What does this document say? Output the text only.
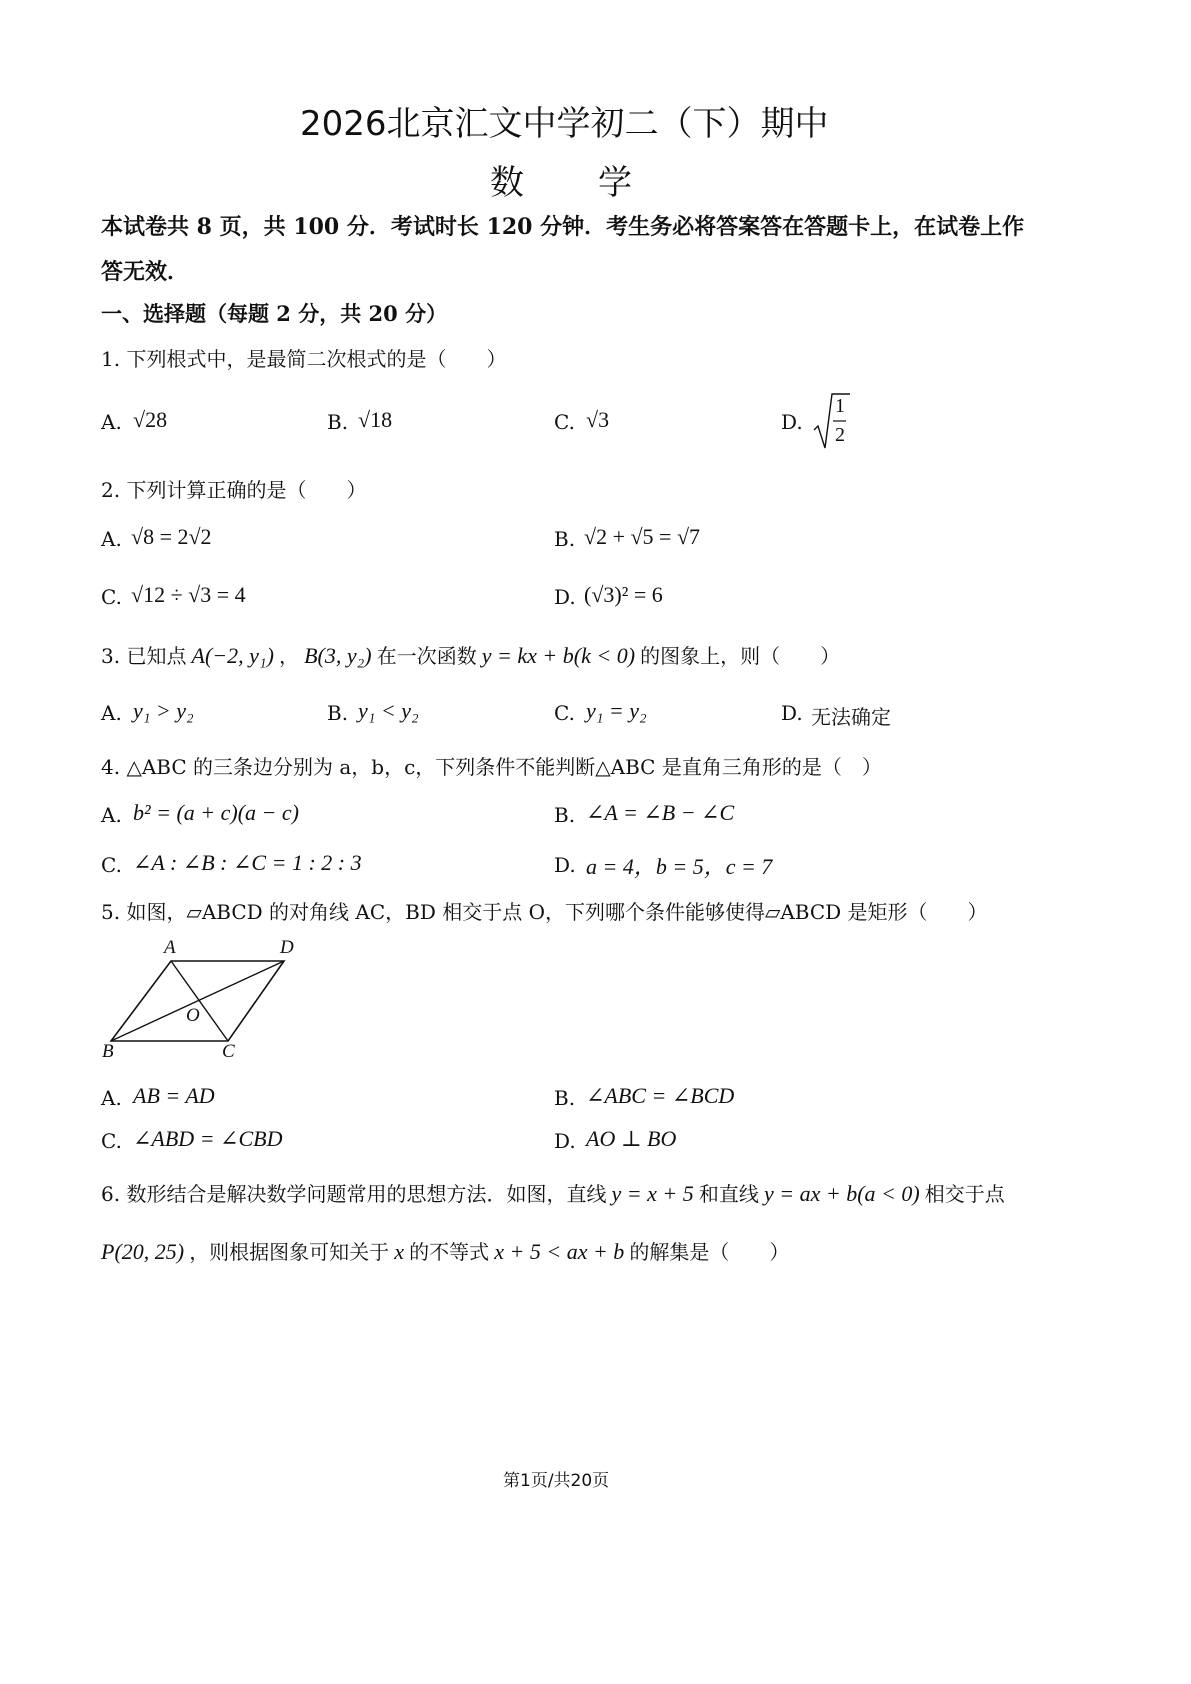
2026北京汇文中学初二（下）期中
数　　学
本试卷共 8 页，共 100 分．考试时长 120 分钟．考生务必将答案答在答题卡上，在试卷上作
答无效．
一、选择题（每题 2 分，共 20 分）
1. 下列根式中，是最简二次根式的是（　　）
A. √28	B. √18	C. √3	D.
1
2
2. 下列计算正确的是（　　）
A. √8 = 2√2	B. √2 + √5 = √7
C. √12 ÷ √3 = 4	D. (√3)² = 6
3. 已知点 A(−2, y₁) ， B(3, y₂) 在一次函数 y = kx + b(k < 0) 的图象上，则（　　）
A. y₁ > y₂	B. y₁ < y₂	C. y₁ = y₂	D. 无法确定
4. △ABC 的三条边分别为 a，b，c，下列条件不能判断△ABC 是直角三角形的是（　）
A. b² = (a + c)(a − c)	B. ∠A = ∠B − ∠C
C. ∠A : ∠B : ∠C = 1 : 2 : 3	D. a = 4，b = 5，c = 7
5. 如图，▱ABCD 的对角线 AC，BD 相交于点 O，下列哪个条件能够使得▱ABCD 是矩形（　　）
A	D
O
B	C
A. AB = AD	B. ∠ABC = ∠BCD
C. ∠ABD = ∠CBD	D. AO ⊥ BO
6. 数形结合是解决数学问题常用的思想方法．如图，直线 y = x + 5 和直线 y = ax + b(a < 0) 相交于点
P(20, 25) ，则根据图象可知关于 x 的不等式 x + 5 < ax + b 的解集是（　　）
第1页/共20页
